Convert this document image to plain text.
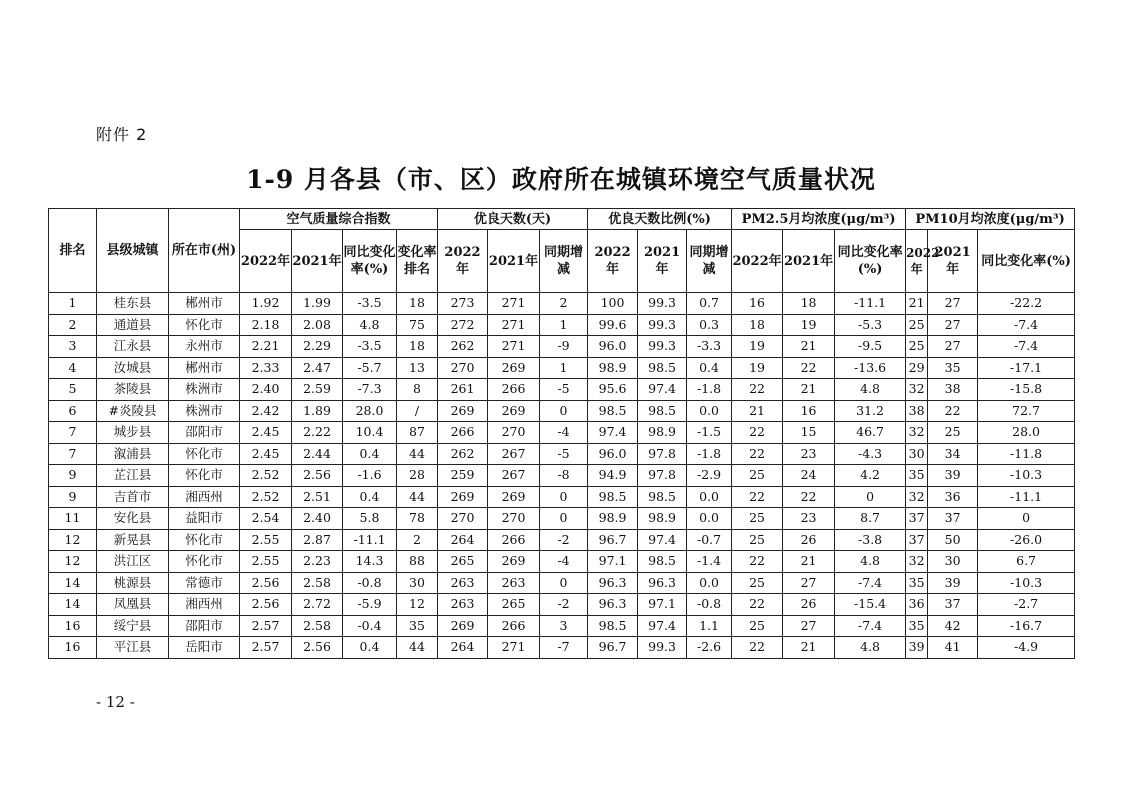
附件 2
1-9 月各县（市、区）政府所在城镇环境空气质量状况
排名	县级城镇	所在市(州)	空气质量综合指数				优良天数(天)			优良天数比例(%)			PM2.5月均浓度(μg/m³)			PM10月均浓度(μg/m³)		
			2022年	2021年	同比变化率(%)	变化率排名	2022年	2021年	同期增减	2022年	2021年	同期增减	2022年	2021年	同比变化率(%)	2022年	2021年	同比变化率(%)
1	桂东县	郴州市	1.92	1.99	-3.5	18	273	271	2	100	99.3	0.7	16	18	-11.1	21	27	-22.2
2	通道县	怀化市	2.18	2.08	4.8	75	272	271	1	99.6	99.3	0.3	18	19	-5.3	25	27	-7.4
3	江永县	永州市	2.21	2.29	-3.5	18	262	271	-9	96.0	99.3	-3.3	19	21	-9.5	25	27	-7.4
4	汝城县	郴州市	2.33	2.47	-5.7	13	270	269	1	98.9	98.5	0.4	19	22	-13.6	29	35	-17.1
5	茶陵县	株洲市	2.40	2.59	-7.3	8	261	266	-5	95.6	97.4	-1.8	22	21	4.8	32	38	-15.8
6	#炎陵县	株洲市	2.42	1.89	28.0	/	269	269	0	98.5	98.5	0.0	21	16	31.2	38	22	72.7
7	城步县	邵阳市	2.45	2.22	10.4	87	266	270	-4	97.4	98.9	-1.5	22	15	46.7	32	25	28.0
7	溆浦县	怀化市	2.45	2.44	0.4	44	262	267	-5	96.0	97.8	-1.8	22	23	-4.3	30	34	-11.8
9	芷江县	怀化市	2.52	2.56	-1.6	28	259	267	-8	94.9	97.8	-2.9	25	24	4.2	35	39	-10.3
9	吉首市	湘西州	2.52	2.51	0.4	44	269	269	0	98.5	98.5	0.0	22	22	0	32	36	-11.1
11	安化县	益阳市	2.54	2.40	5.8	78	270	270	0	98.9	98.9	0.0	25	23	8.7	37	37	0
12	新晃县	怀化市	2.55	2.87	-11.1	2	264	266	-2	96.7	97.4	-0.7	25	26	-3.8	37	50	-26.0
12	洪江区	怀化市	2.55	2.23	14.3	88	265	269	-4	97.1	98.5	-1.4	22	21	4.8	32	30	6.7
14	桃源县	常德市	2.56	2.58	-0.8	30	263	263	0	96.3	96.3	0.0	25	27	-7.4	35	39	-10.3
14	凤凰县	湘西州	2.56	2.72	-5.9	12	263	265	-2	96.3	97.1	-0.8	22	26	-15.4	36	37	-2.7
16	绥宁县	邵阳市	2.57	2.58	-0.4	35	269	266	3	98.5	97.4	1.1	25	27	-7.4	35	42	-16.7
16	平江县	岳阳市	2.57	2.56	0.4	44	264	271	-7	96.7	99.3	-2.6	22	21	4.8	39	41	-4.9
- 12 -
